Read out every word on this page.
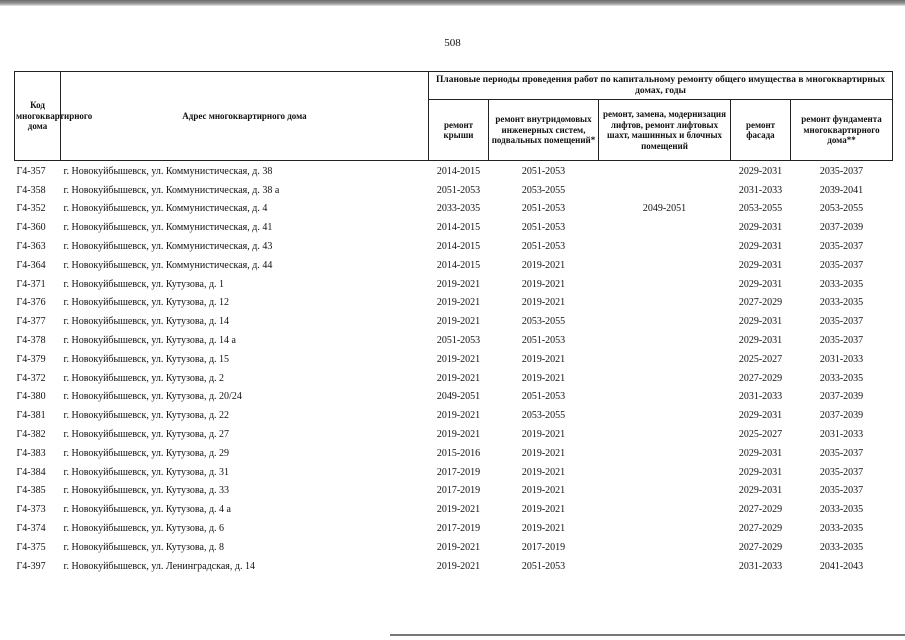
508
Код многоквартирного дома	Адрес многоквартирного дома	Плановые периоды проведения работ по капитальному ремонту общего имущества в многоквартирных домах, годы				
		ремонт крыши	ремонт внутридомовых инженерных систем, подвальных помещений*	ремонт, замена, модернизация лифтов, ремонт лифтовых шахт, машинных и блочных помещений	ремонт фасада	ремонт фундамента многоквартирного дома**
Г4-357	г. Новокуйбышевск, ул. Коммунистическая, д. 38	2014-2015	2051-2053		2029-2031	2035-2037
Г4-358	г. Новокуйбышевск, ул. Коммунистическая, д. 38 а	2051-2053	2053-2055		2031-2033	2039-2041
Г4-352	г. Новокуйбышевск, ул. Коммунистическая, д. 4	2033-2035	2051-2053	2049-2051	2053-2055	2053-2055
Г4-360	г. Новокуйбышевск, ул. Коммунистическая, д. 41	2014-2015	2051-2053		2029-2031	2037-2039
Г4-363	г. Новокуйбышевск, ул. Коммунистическая, д. 43	2014-2015	2051-2053		2029-2031	2035-2037
Г4-364	г. Новокуйбышевск, ул. Коммунистическая, д. 44	2014-2015	2019-2021		2029-2031	2035-2037
Г4-371	г. Новокуйбышевск, ул. Кутузова, д. 1	2019-2021	2019-2021		2029-2031	2033-2035
Г4-376	г. Новокуйбышевск, ул. Кутузова, д. 12	2019-2021	2019-2021		2027-2029	2033-2035
Г4-377	г. Новокуйбышевск, ул. Кутузова, д. 14	2019-2021	2053-2055		2029-2031	2035-2037
Г4-378	г. Новокуйбышевск, ул. Кутузова, д. 14 а	2051-2053	2051-2053		2029-2031	2035-2037
Г4-379	г. Новокуйбышевск, ул. Кутузова, д. 15	2019-2021	2019-2021		2025-2027	2031-2033
Г4-372	г. Новокуйбышевск, ул. Кутузова, д. 2	2019-2021	2019-2021		2027-2029	2033-2035
Г4-380	г. Новокуйбышевск, ул. Кутузова, д. 20/24	2049-2051	2051-2053		2031-2033	2037-2039
Г4-381	г. Новокуйбышевск, ул. Кутузова, д. 22	2019-2021	2053-2055		2029-2031	2037-2039
Г4-382	г. Новокуйбышевск, ул. Кутузова, д. 27	2019-2021	2019-2021		2025-2027	2031-2033
Г4-383	г. Новокуйбышевск, ул. Кутузова, д. 29	2015-2016	2019-2021		2029-2031	2035-2037
Г4-384	г. Новокуйбышевск, ул. Кутузова, д. 31	2017-2019	2019-2021		2029-2031	2035-2037
Г4-385	г. Новокуйбышевск, ул. Кутузова, д. 33	2017-2019	2019-2021		2029-2031	2035-2037
Г4-373	г. Новокуйбышевск, ул. Кутузова, д. 4 а	2019-2021	2019-2021		2027-2029	2033-2035
Г4-374	г. Новокуйбышевск, ул. Кутузова, д. 6	2017-2019	2019-2021		2027-2029	2033-2035
Г4-375	г. Новокуйбышевск, ул. Кутузова, д. 8	2019-2021	2017-2019		2027-2029	2033-2035
Г4-397	г. Новокуйбышевск, ул. Ленинградская, д. 14	2019-2021	2051-2053		2031-2033	2041-2043
